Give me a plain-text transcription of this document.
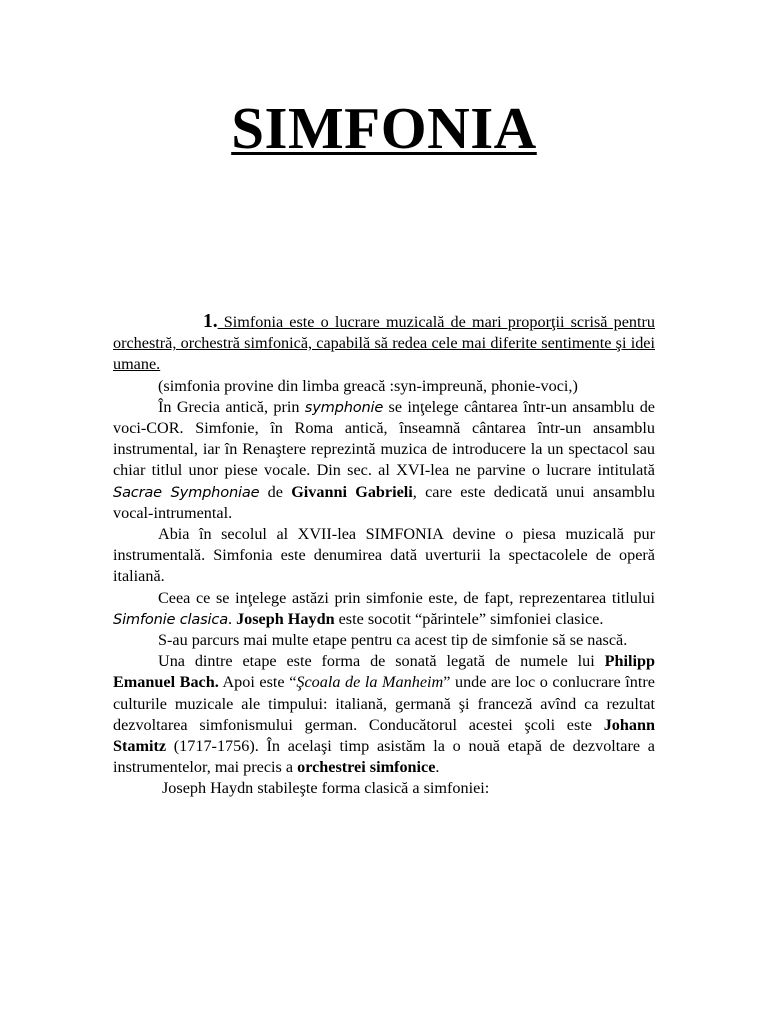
SIMFONIA

1. Simfonia este o lucrare muzicală de mari proporţii scrisă pentru orchestră, orchestră simfonică, capabilă să redea cele mai diferite sentimente şi idei umane.

(simfonia provine din limba greacă :syn-impreună, phonie-voci,)

În Grecia antică, prin symphonie se inţelege cântarea într-un ansamblu de voci-COR. Simfonie, în Roma antică, înseamnă cântarea într-un ansamblu instrumental, iar în Renaştere reprezintă muzica de introducere la un spectacol sau chiar titlul unor piese vocale. Din sec. al XVI-lea ne parvine o lucrare intitulată Sacrae Symphoniae de Givanni Gabrieli, care este dedicată unui ansamblu vocal-intrumental.

Abia în secolul al XVII-lea SIMFONIA devine o piesa muzicală pur instrumentală. Simfonia este denumirea dată uverturii la spectacolele de operă italiană.

Ceea ce se inţelege astăzi prin simfonie este, de fapt, reprezentarea titlului Simfonie clasica. Joseph Haydn este socotit “părintele” simfoniei clasice.

S-au parcurs mai multe etape pentru ca acest tip de simfonie să se nască.

Una dintre etape este forma de sonată legată de numele lui Philipp Emanuel Bach. Apoi este “Şcoala de la Manheim” unde are loc o conlucrare între culturile muzicale ale timpului: italiană, germană şi franceză avînd ca rezultat dezvoltarea simfonismului german. Conducătorul acestei şcoli este Johann Stamitz (1717-1756). În acelaşi timp asistăm la o nouă etapă de dezvoltare a instrumentelor, mai precis a orchestrei simfonice.

Joseph Haydn stabileşte forma clasică a simfoniei:
